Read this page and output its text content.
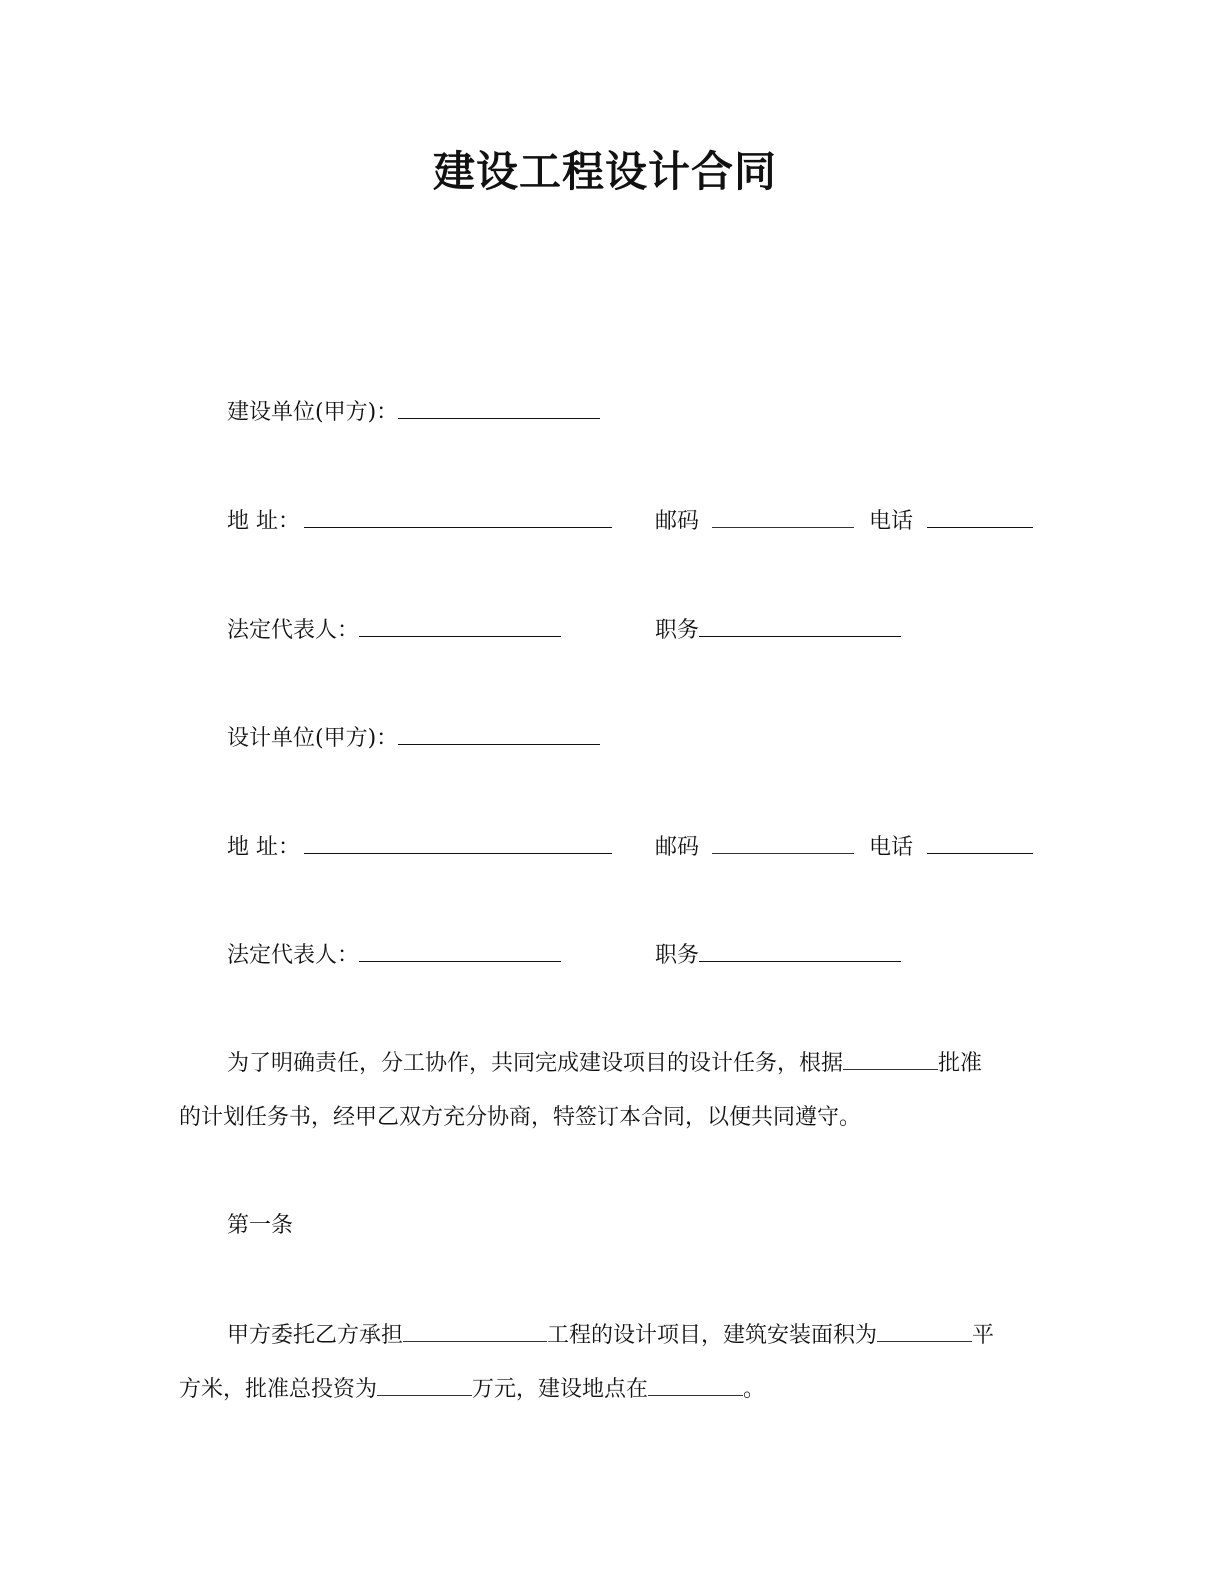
建设工程设计合同
建设单位(甲方)：
地 址：	邮码	电话
法定代表人：	职务
设计单位(甲方)：
地 址：	邮码	电话
法定代表人：	职务
为了明确责任，分工协作，共同完成建设项目的设计任务，根据	批准
的计划任务书，经甲乙双方充分协商，特签订本合同，以便共同遵守。
第一条
甲方委托乙方承担	工程的设计项目，建筑安装面积为	平
方米，批准总投资为	万元，建设地点在	。
